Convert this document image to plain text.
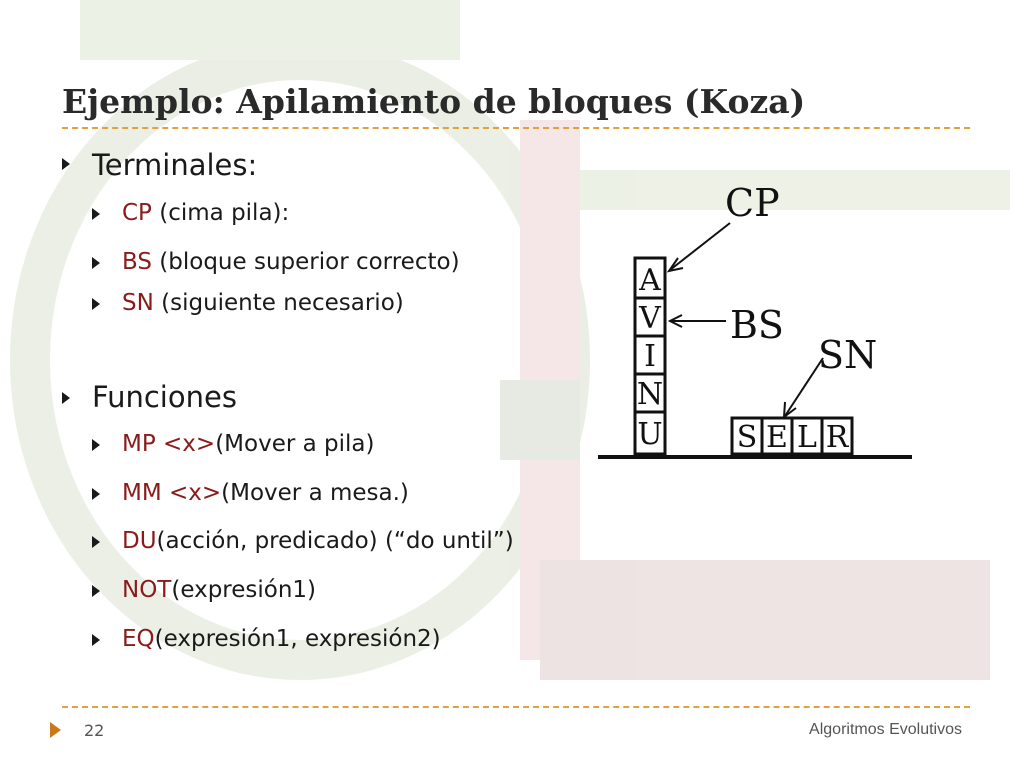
Ejemplo: Apilamiento de bloques (Koza)
Terminales:
CP (cima pila):
BS (bloque superior correcto)
SN (siguiente necesario)
Funciones
MP <x>(Mover a pila)
MM <x>(Mover a mesa.)
DU(acción, predicado) (“do until”)
NOT(expresión1)
EQ(expresión1, expresión2)
CP
BS
SN
A
V
I
N
U S E L R
22	Algoritmos Evolutivos
